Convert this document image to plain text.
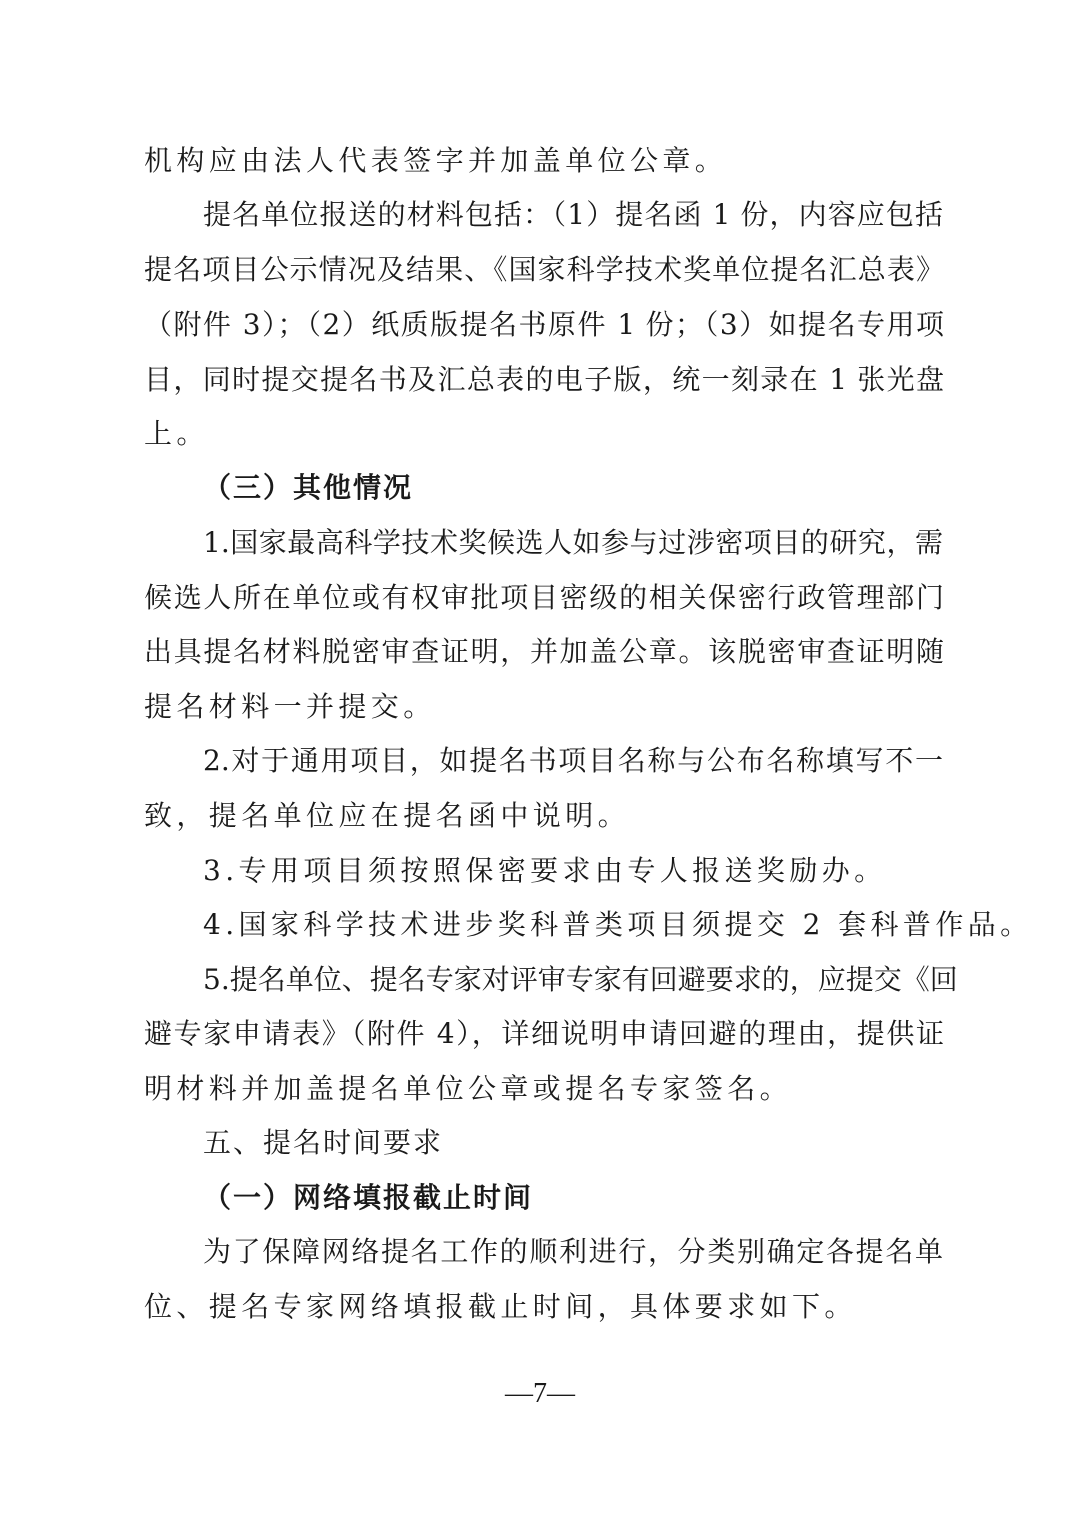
机构应由法人代表签字并加盖单位公章。
提名单位报送的材料包括：（1）提名函 1 份，内容应包括
提名项目公示情况及结果、《国家科学技术奖单位提名汇总表》
（附件 3）；（2）纸质版提名书原件 1 份；（3）如提名专用项
目，同时提交提名书及汇总表的电子版，统一刻录在 1 张光盘
上。
（三）其他情况
1.国家最高科学技术奖候选人如参与过涉密项目的研究，需
候选人所在单位或有权审批项目密级的相关保密行政管理部门
出具提名材料脱密审查证明，并加盖公章。该脱密审查证明随
提名材料一并提交。
2.对于通用项目，如提名书项目名称与公布名称填写不一
致，提名单位应在提名函中说明。
3.专用项目须按照保密要求由专人报送奖励办。
4.国家科学技术进步奖科普类项目须提交 2 套科普作品。
5.提名单位、提名专家对评审专家有回避要求的，应提交《回
避专家申请表》（附件 4），详细说明申请回避的理由，提供证
明材料并加盖提名单位公章或提名专家签名。
五、提名时间要求
（一）网络填报截止时间
为了保障网络提名工作的顺利进行，分类别确定各提名单
位、提名专家网络填报截止时间，具体要求如下。
—7—
